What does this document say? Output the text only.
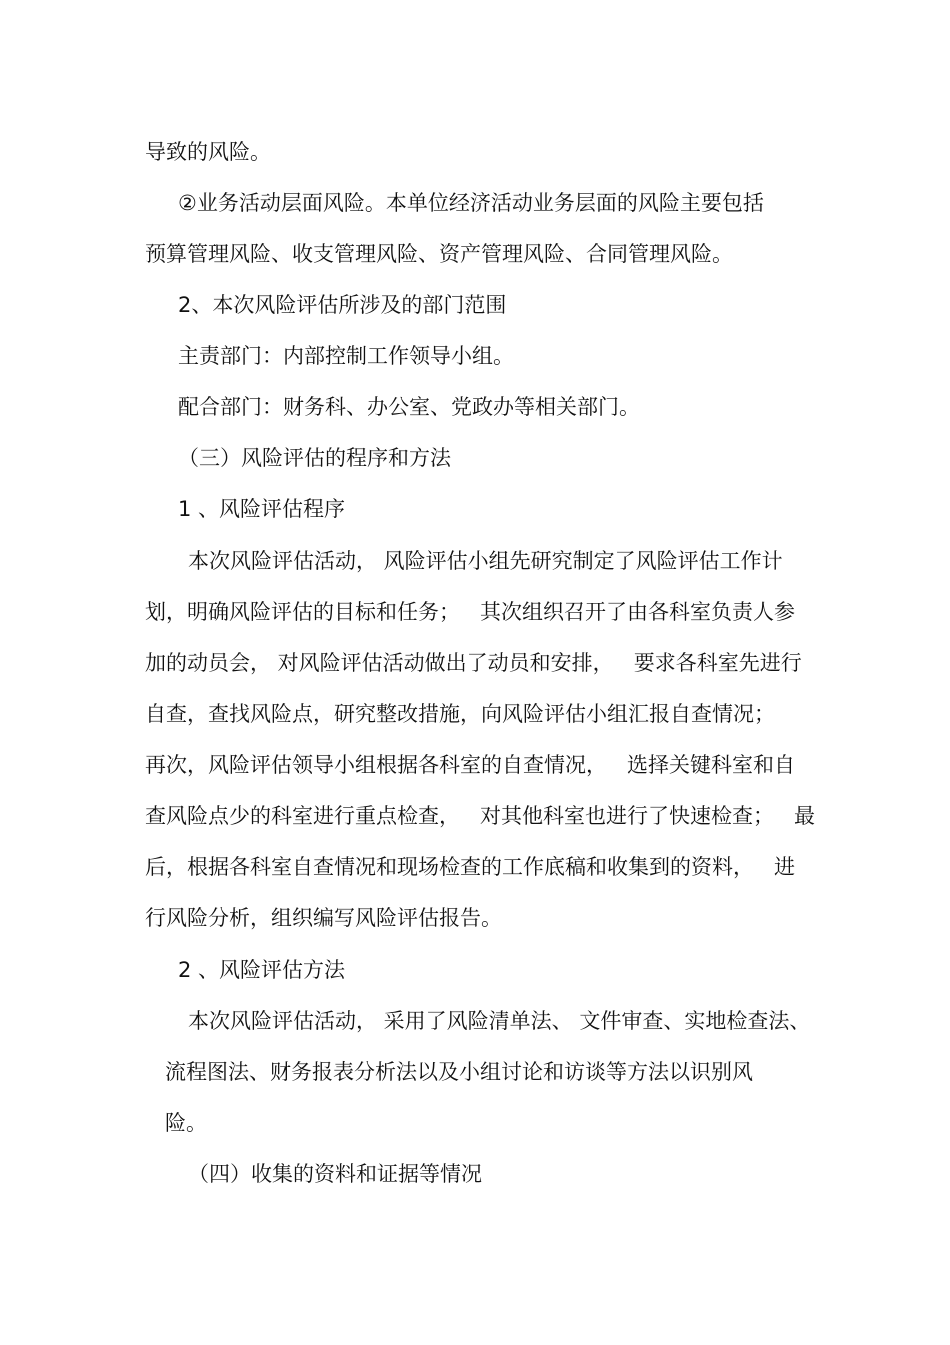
导致的风险。

②业务活动层面风险。本单位经济活动业务层面的风险主要包括

预算管理风险、收支管理风险、资产管理风险、合同管理风险。

2、本次风险评估所涉及的部门范围

主责部门：内部控制工作领导小组。

配合部门：财务科、办公室、党政办等相关部门。

（三）风险评估的程序和方法

1 、风险评估程序

本次风险评估活动， 风险评估小组先研究制定了风险评估工作计

划，明确风险评估的目标和任务；   其次组织召开了由各科室负责人参

加的动员会， 对风险评估活动做出了动员和安排，   要求各科室先进行

自查，查找风险点，研究整改措施，向风险评估小组汇报自查情况；

再次，风险评估领导小组根据各科室的自查情况，   选择关键科室和自

查风险点少的科室进行重点检查，   对其他科室也进行了快速检查；   最

后，根据各科室自查情况和现场检查的工作底稿和收集到的资料，   进

行风险分析，组织编写风险评估报告。

2 、风险评估方法

本次风险评估活动， 采用了风险清单法、 文件审查、实地检查法、

流程图法、财务报表分析法以及小组讨论和访谈等方法以识别风

险。

（四）收集的资料和证据等情况
